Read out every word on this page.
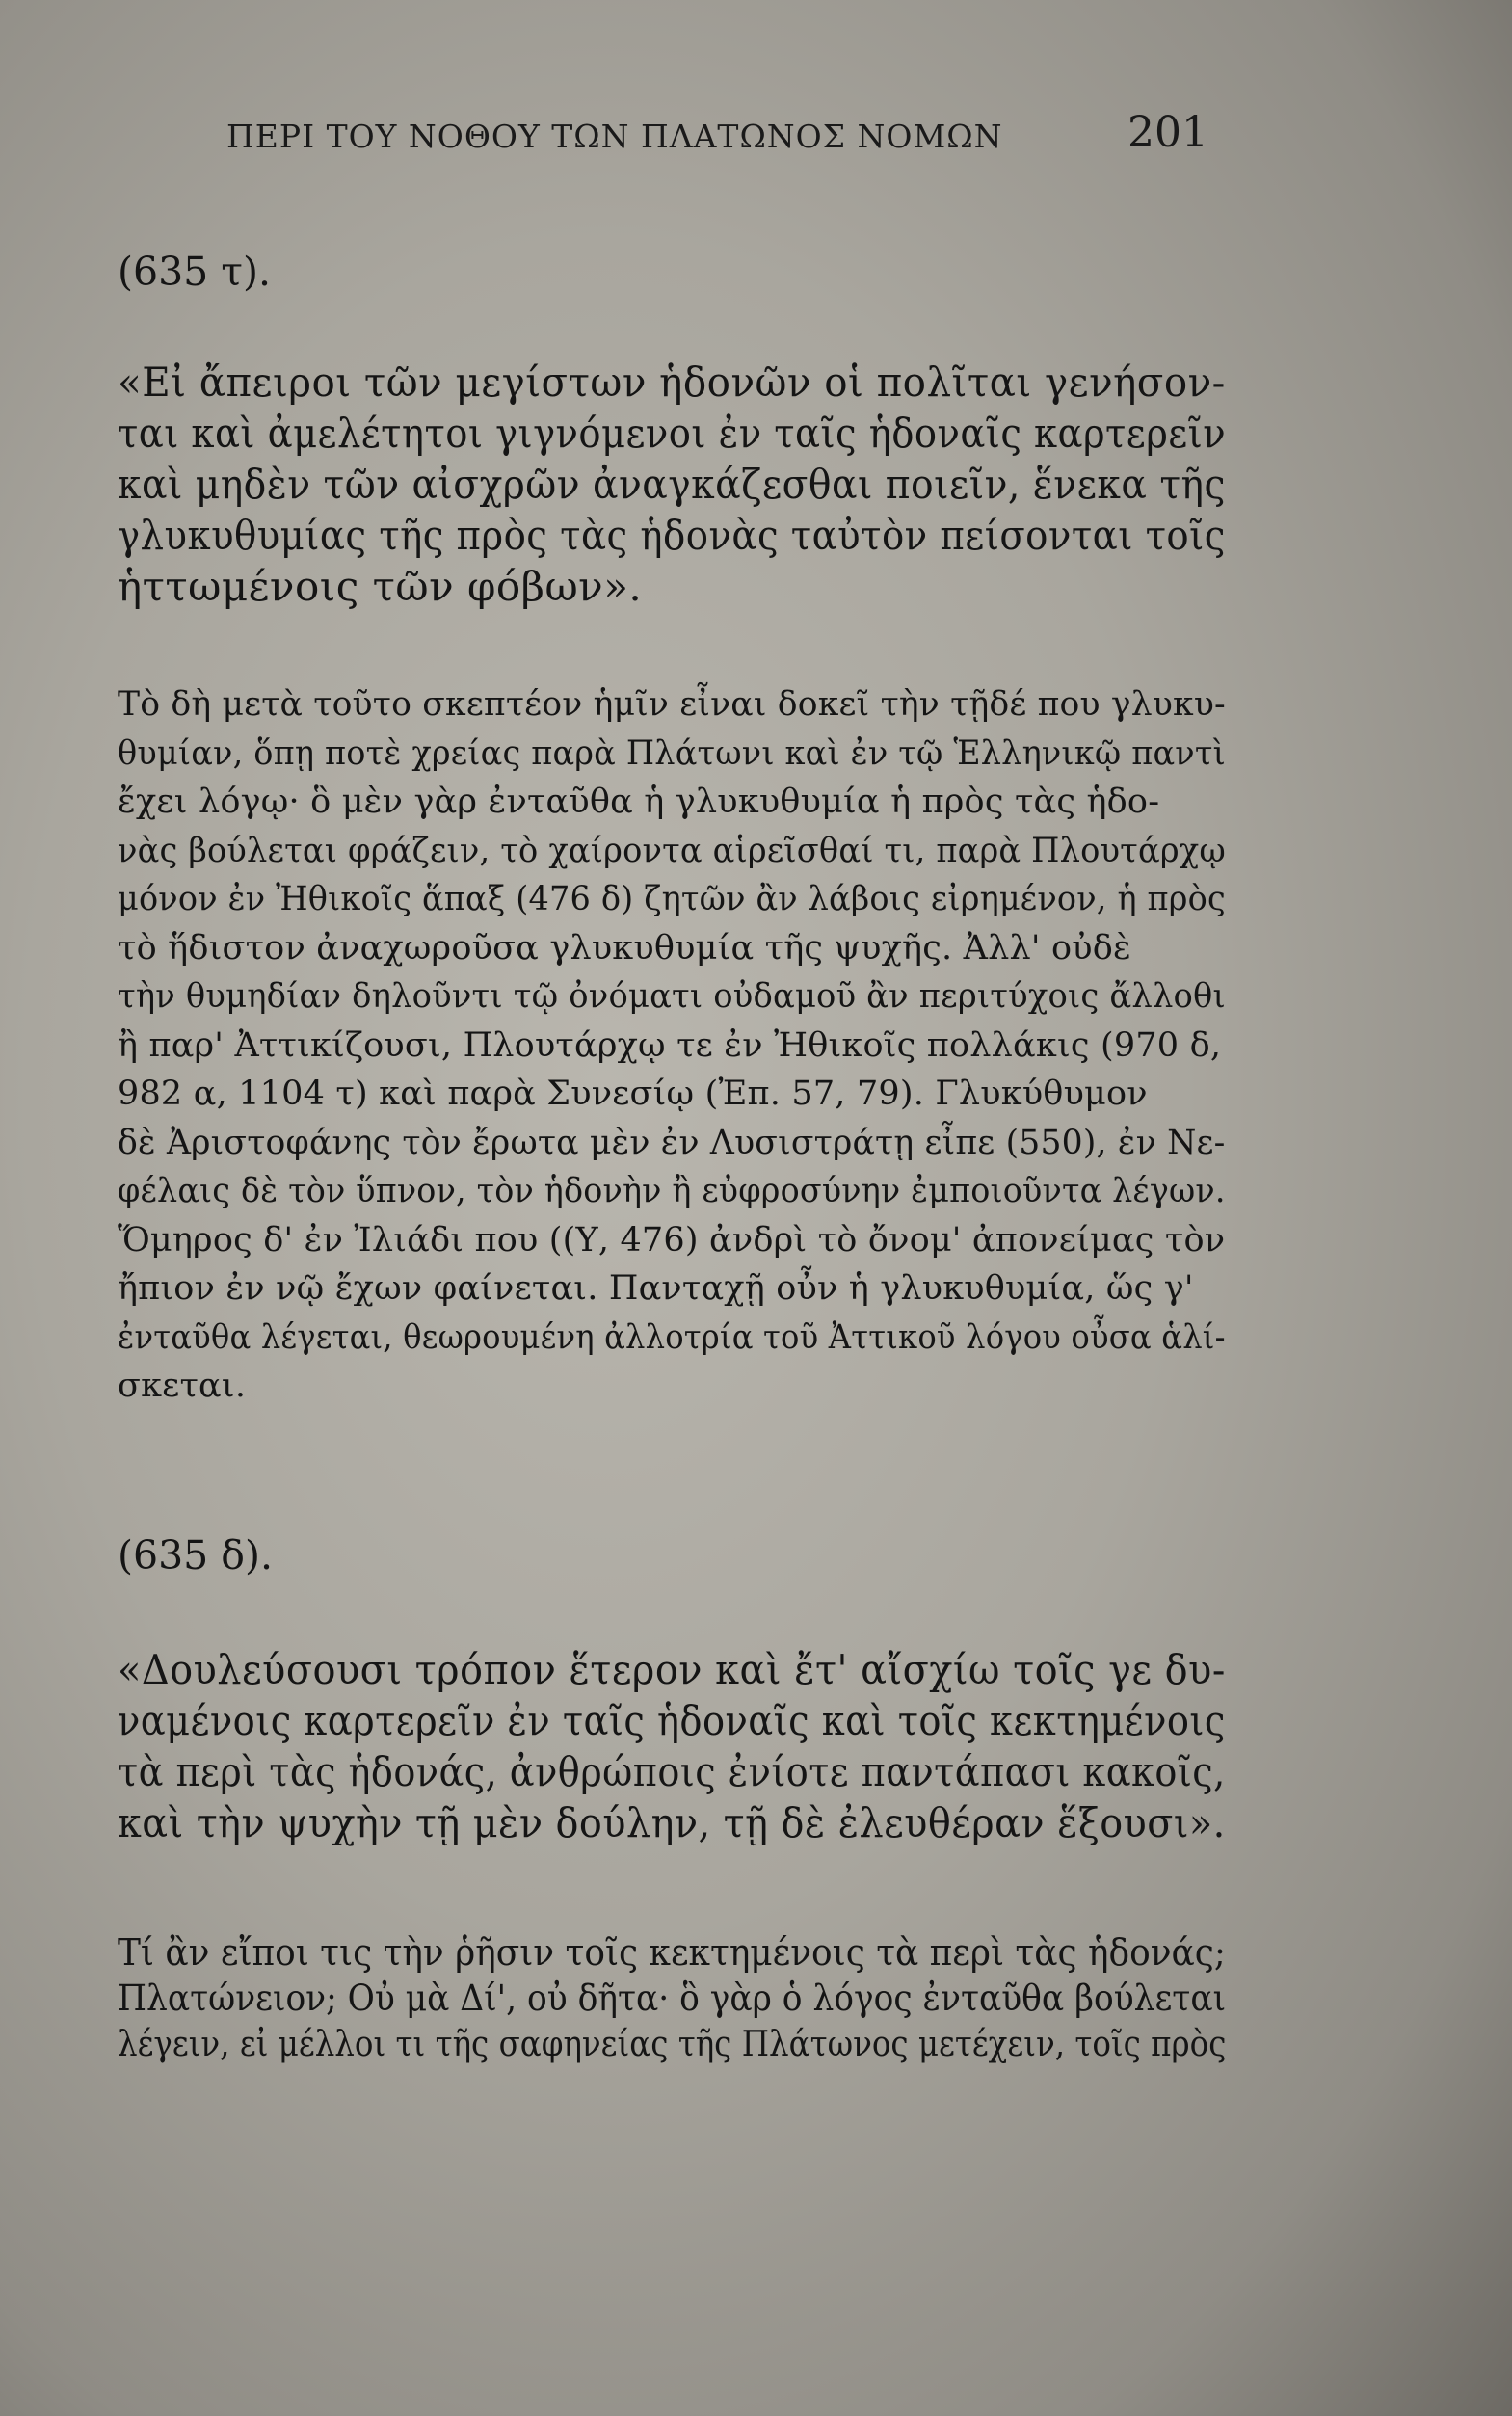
ΠΕΡΙ ΤΟΥ ΝΟΘΟΥ ΤΩΝ ΠΛΑΤΩΝΟΣ ΝΟΜΩΝ	201
(635 τ).
«Εἰ ἄπειροι τῶν μεγίστων ἡδονῶν οἱ πολῖται γενήσον-
ται καὶ ἀμελέτητοι γιγνόμενοι ἐν ταῖς ἡδοναῖς καρτερεῖν
καὶ μηδὲν τῶν αἰσχρῶν ἀναγκάζεσθαι ποιεῖν, ἕνεκα τῆς
γλυκυθυμίας τῆς πρὸς τὰς ἡδονὰς ταὐτὸν πείσονται τοῖς
ἡττωμένοις τῶν φόβων».
Τὸ δὴ μετὰ τοῦτο σκεπτέον ἡμῖν εἶναι δοκεῖ τὴν τῇδέ που γλυκυ-
θυμίαν, ὅπῃ ποτὲ χρείας παρὰ Πλάτωνι καὶ ἐν τῷ Ἑλληνικῷ παντὶ
ἔχει λόγῳ· ὃ μὲν γὰρ ἐνταῦθα ἡ γλυκυθυμία ἡ πρὸς τὰς ἡδο-
νὰς βούλεται φράζειν, τὸ χαίροντα αἱρεῖσθαί τι, παρὰ Πλουτάρχῳ
μόνον ἐν Ἠθικοῖς ἅπαξ (476 δ) ζητῶν ἂν λάβοις εἰρημένον, ἡ πρὸς
τὸ ἥδιστον ἀναχωροῦσα γλυκυθυμία τῆς ψυχῆς. Ἀλλ' οὐδὲ
τὴν θυμηδίαν δηλοῦντι τῷ ὀνόματι οὐδαμοῦ ἂν περιτύχοις ἄλλοθι
ἢ παρ' Ἀττικίζουσι, Πλουτάρχῳ τε ἐν Ἠθικοῖς πολλάκις (970 δ,
982 α, 1104 τ) καὶ παρὰ Συνεσίῳ (Ἐπ. 57, 79). Γλυκύθυμον
δὲ Ἀριστοφάνης τὸν ἔρωτα μὲν ἐν Λυσιστράτῃ εἶπε (550), ἐν Νε-
φέλαις δὲ τὸν ὕπνον, τὸν ἡδονὴν ἢ εὐφροσύνην ἐμποιοῦντα λέγων.
Ὅμηρος δ' ἐν Ἰλιάδι που ((Υ, 476) ἀνδρὶ τὸ ὄνομ' ἀπονείμας τὸν
ἤπιον ἐν νῷ ἔχων φαίνεται. Πανταχῇ οὖν ἡ γλυκυθυμία, ὥς γ'
ἐνταῦθα λέγεται, θεωρουμένη ἀλλοτρία τοῦ Ἀττικοῦ λόγου οὖσα ἁλί-
σκεται.
(635 δ).
«Δουλεύσουσι τρόπον ἕτερον καὶ ἔτ' αἴσχίω τοῖς γε δυ-
ναμένοις καρτερεῖν ἐν ταῖς ἡδοναῖς καὶ τοῖς κεκτημένοις
τὰ περὶ τὰς ἡδονάς, ἀνθρώποις ἐνίοτε παντάπασι κακοῖς,
καὶ τὴν ψυχὴν τῇ μὲν δούλην, τῇ δὲ ἐλευθέραν ἕξουσι».
Τί ἂν εἴποι τις τὴν ῥῆσιν τοῖς κεκτημένοις τὰ περὶ τὰς ἡδονάς;
Πλατώνειον; Οὐ μὰ Δί', οὐ δῆτα· ὃ γὰρ ὁ λόγος ἐνταῦθα βούλεται
λέγειν, εἰ μέλλοι τι τῆς σαφηνείας τῆς Πλάτωνος μετέχειν, τοῖς πρὸς
